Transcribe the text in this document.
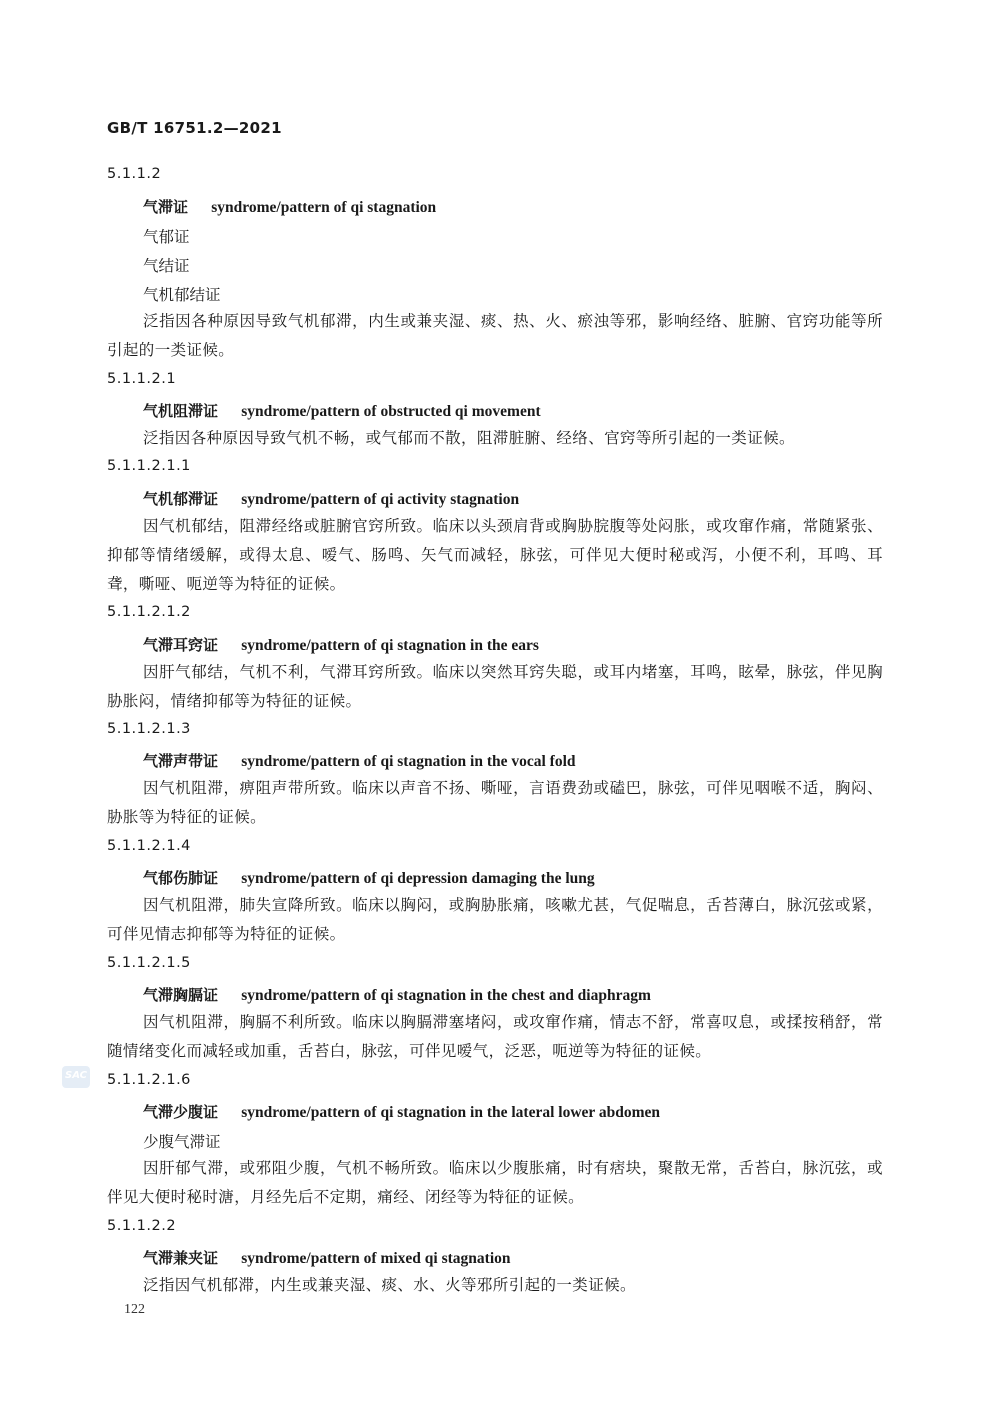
GB/T 16751.2—2021
5.1.1.2
气滞证 syndrome/pattern of qi stagnation
气郁证
气结证
气机郁结证
泛指因各种原因导致气机郁滞，内生或兼夹湿、痰、热、火、瘀浊等邪，影响经络、脏腑、官窍功能等所引起的一类证候。
5.1.1.2.1
气机阻滞证 syndrome/pattern of obstructed qi movement
泛指因各种原因导致气机不畅，或气郁而不散，阻滞脏腑、经络、官窍等所引起的一类证候。
5.1.1.2.1.1
气机郁滞证 syndrome/pattern of qi activity stagnation
因气机郁结，阻滞经络或脏腑官窍所致。临床以头颈肩背或胸胁脘腹等处闷胀，或攻窜作痛，常随紧张、抑郁等情绪缓解，或得太息、嗳气、肠鸣、矢气而减轻，脉弦，可伴见大便时秘或泻，小便不利，耳鸣、耳聋，嘶哑、呃逆等为特征的证候。
5.1.1.2.1.2
气滞耳窍证 syndrome/pattern of qi stagnation in the ears
因肝气郁结，气机不利，气滞耳窍所致。临床以突然耳窍失聪，或耳内堵塞，耳鸣，眩晕，脉弦，伴见胸胁胀闷，情绪抑郁等为特征的证候。
5.1.1.2.1.3
气滞声带证 syndrome/pattern of qi stagnation in the vocal fold
因气机阻滞，痹阻声带所致。临床以声音不扬、嘶哑，言语费劲或磕巴，脉弦，可伴见咽喉不适，胸闷、胁胀等为特征的证候。
5.1.1.2.1.4
气郁伤肺证 syndrome/pattern of qi depression damaging the lung
因气机阻滞，肺失宣降所致。临床以胸闷，或胸胁胀痛，咳嗽尤甚，气促喘息，舌苔薄白，脉沉弦或紧，可伴见情志抑郁等为特征的证候。
5.1.1.2.1.5
气滞胸膈证 syndrome/pattern of qi stagnation in the chest and diaphragm
因气机阻滞，胸膈不利所致。临床以胸膈滞塞堵闷，或攻窜作痛，情志不舒，常喜叹息，或揉按稍舒，常随情绪变化而减轻或加重，舌苔白，脉弦，可伴见嗳气，泛恶，呃逆等为特征的证候。
5.1.1.2.1.6
气滞少腹证 syndrome/pattern of qi stagnation in the lateral lower abdomen
少腹气滞证
因肝郁气滞，或邪阻少腹，气机不畅所致。临床以少腹胀痛，时有痞块，聚散无常，舌苔白，脉沉弦，或伴见大便时秘时溏，月经先后不定期，痛经、闭经等为特征的证候。
5.1.1.2.2
气滞兼夹证 syndrome/pattern of mixed qi stagnation
泛指因气机郁滞，内生或兼夹湿、痰、水、火等邪所引起的一类证候。
SAC
122
